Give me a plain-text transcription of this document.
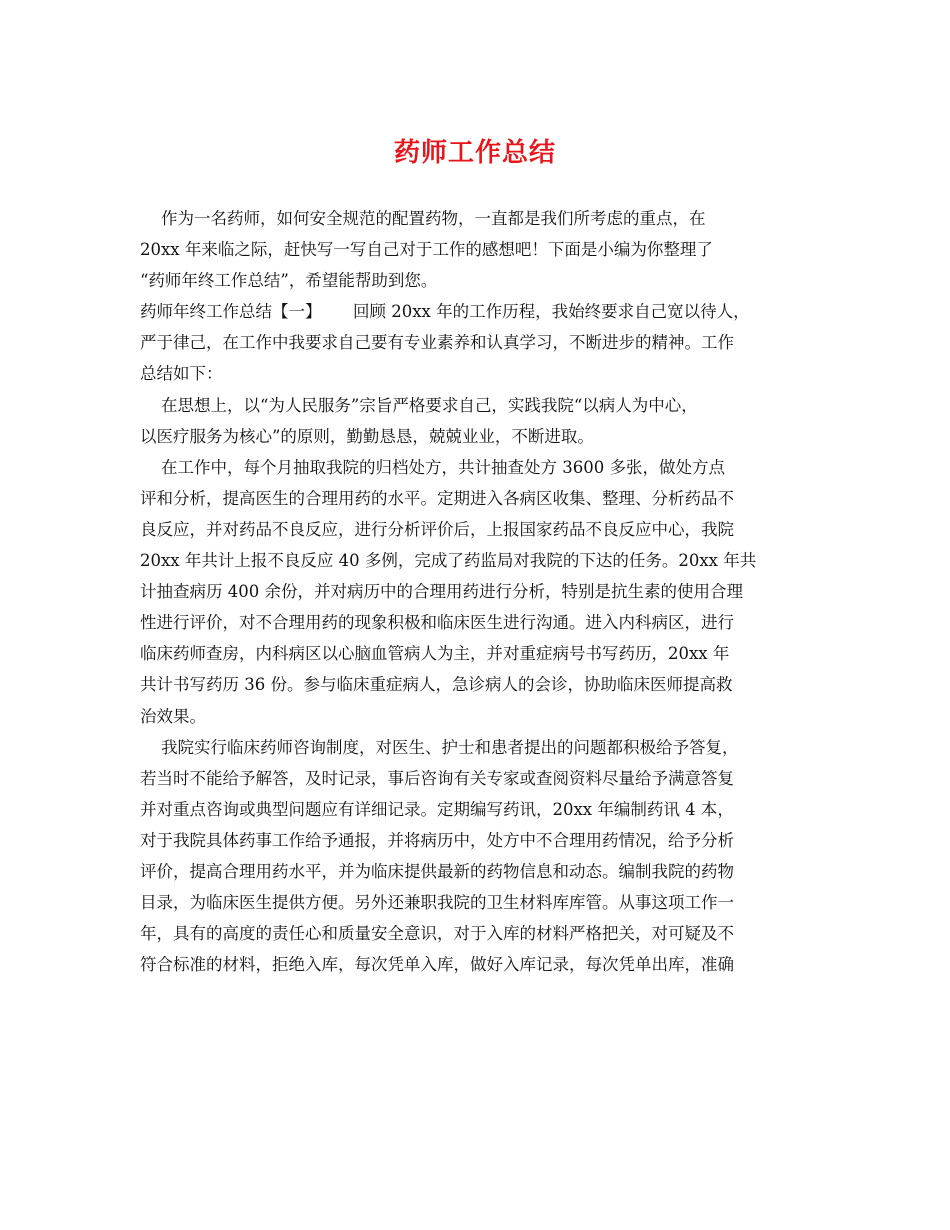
药师工作总结
作为一名药师，如何安全规范的配置药物，一直都是我们所考虑的重点，在
20xx 年来临之际，赶快写一写自己对于工作的感想吧！下面是小编为你整理了
“药师年终工作总结”，希望能帮助到您。
药师年终工作总结【一】      回顾 20xx 年的工作历程，我始终要求自己宽以待人，
严于律己，在工作中我要求自己要有专业素养和认真学习，不断进步的精神。工作
总结如下：
在思想上，以“为人民服务”宗旨严格要求自己，实践我院“以病人为中心，
以医疗服务为核心”的原则，勤勤恳恳，兢兢业业，不断进取。
在工作中，每个月抽取我院的归档处方，共计抽查处方 3600 多张，做处方点
评和分析，提高医生的合理用药的水平。定期进入各病区收集、整理、分析药品不
良反应，并对药品不良反应，进行分析评价后，上报国家药品不良反应中心，我院
20xx 年共计上报不良反应 40 多例，完成了药监局对我院的下达的任务。20xx 年共
计抽查病历 400 余份，并对病历中的合理用药进行分析，特别是抗生素的使用合理
性进行评价，对不合理用药的现象积极和临床医生进行沟通。进入内科病区，进行
临床药师查房，内科病区以心脑血管病人为主，并对重症病号书写药历，20xx 年
共计书写药历 36 份。参与临床重症病人，急诊病人的会诊，协助临床医师提高救
治效果。
我院实行临床药师咨询制度，对医生、护士和患者提出的问题都积极给予答复，
若当时不能给予解答，及时记录，事后咨询有关专家或查阅资料尽量给予满意答复
并对重点咨询或典型问题应有详细记录。定期编写药讯，20xx 年编制药讯 4 本，
对于我院具体药事工作给予通报，并将病历中，处方中不合理用药情况，给予分析
评价，提高合理用药水平，并为临床提供最新的药物信息和动态。编制我院的药物
目录，为临床医生提供方便。另外还兼职我院的卫生材料库库管。从事这项工作一
年，具有的高度的责任心和质量安全意识，对于入库的材料严格把关，对可疑及不
符合标准的材料，拒绝入库，每次凭单入库，做好入库记录，每次凭单出库，准确
